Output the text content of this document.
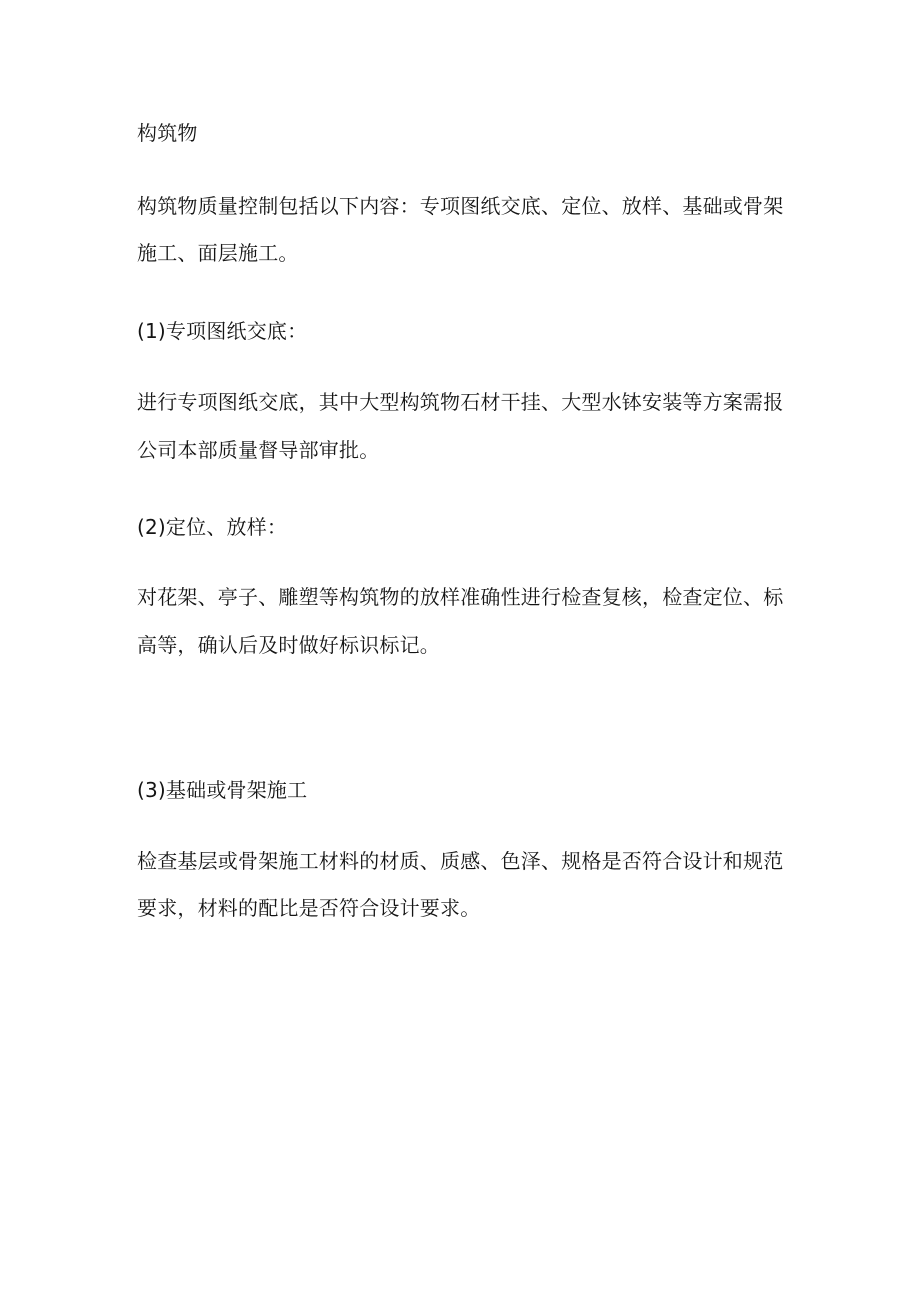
构筑物
构筑物质量控制包括以下内容：专项图纸交底、定位、放样、基础或骨架
施工、面层施工。
(1)专项图纸交底：
进行专项图纸交底，其中大型构筑物石材干挂、大型水钵安装等方案需报
公司本部质量督导部审批。
(2)定位、放样：
对花架、亭子、雕塑等构筑物的放样准确性进行检查复核，检查定位、标
高等，确认后及时做好标识标记。
(3)基础或骨架施工
检查基层或骨架施工材料的材质、质感、色泽、规格是否符合设计和规范
要求，材料的配比是否符合设计要求。
